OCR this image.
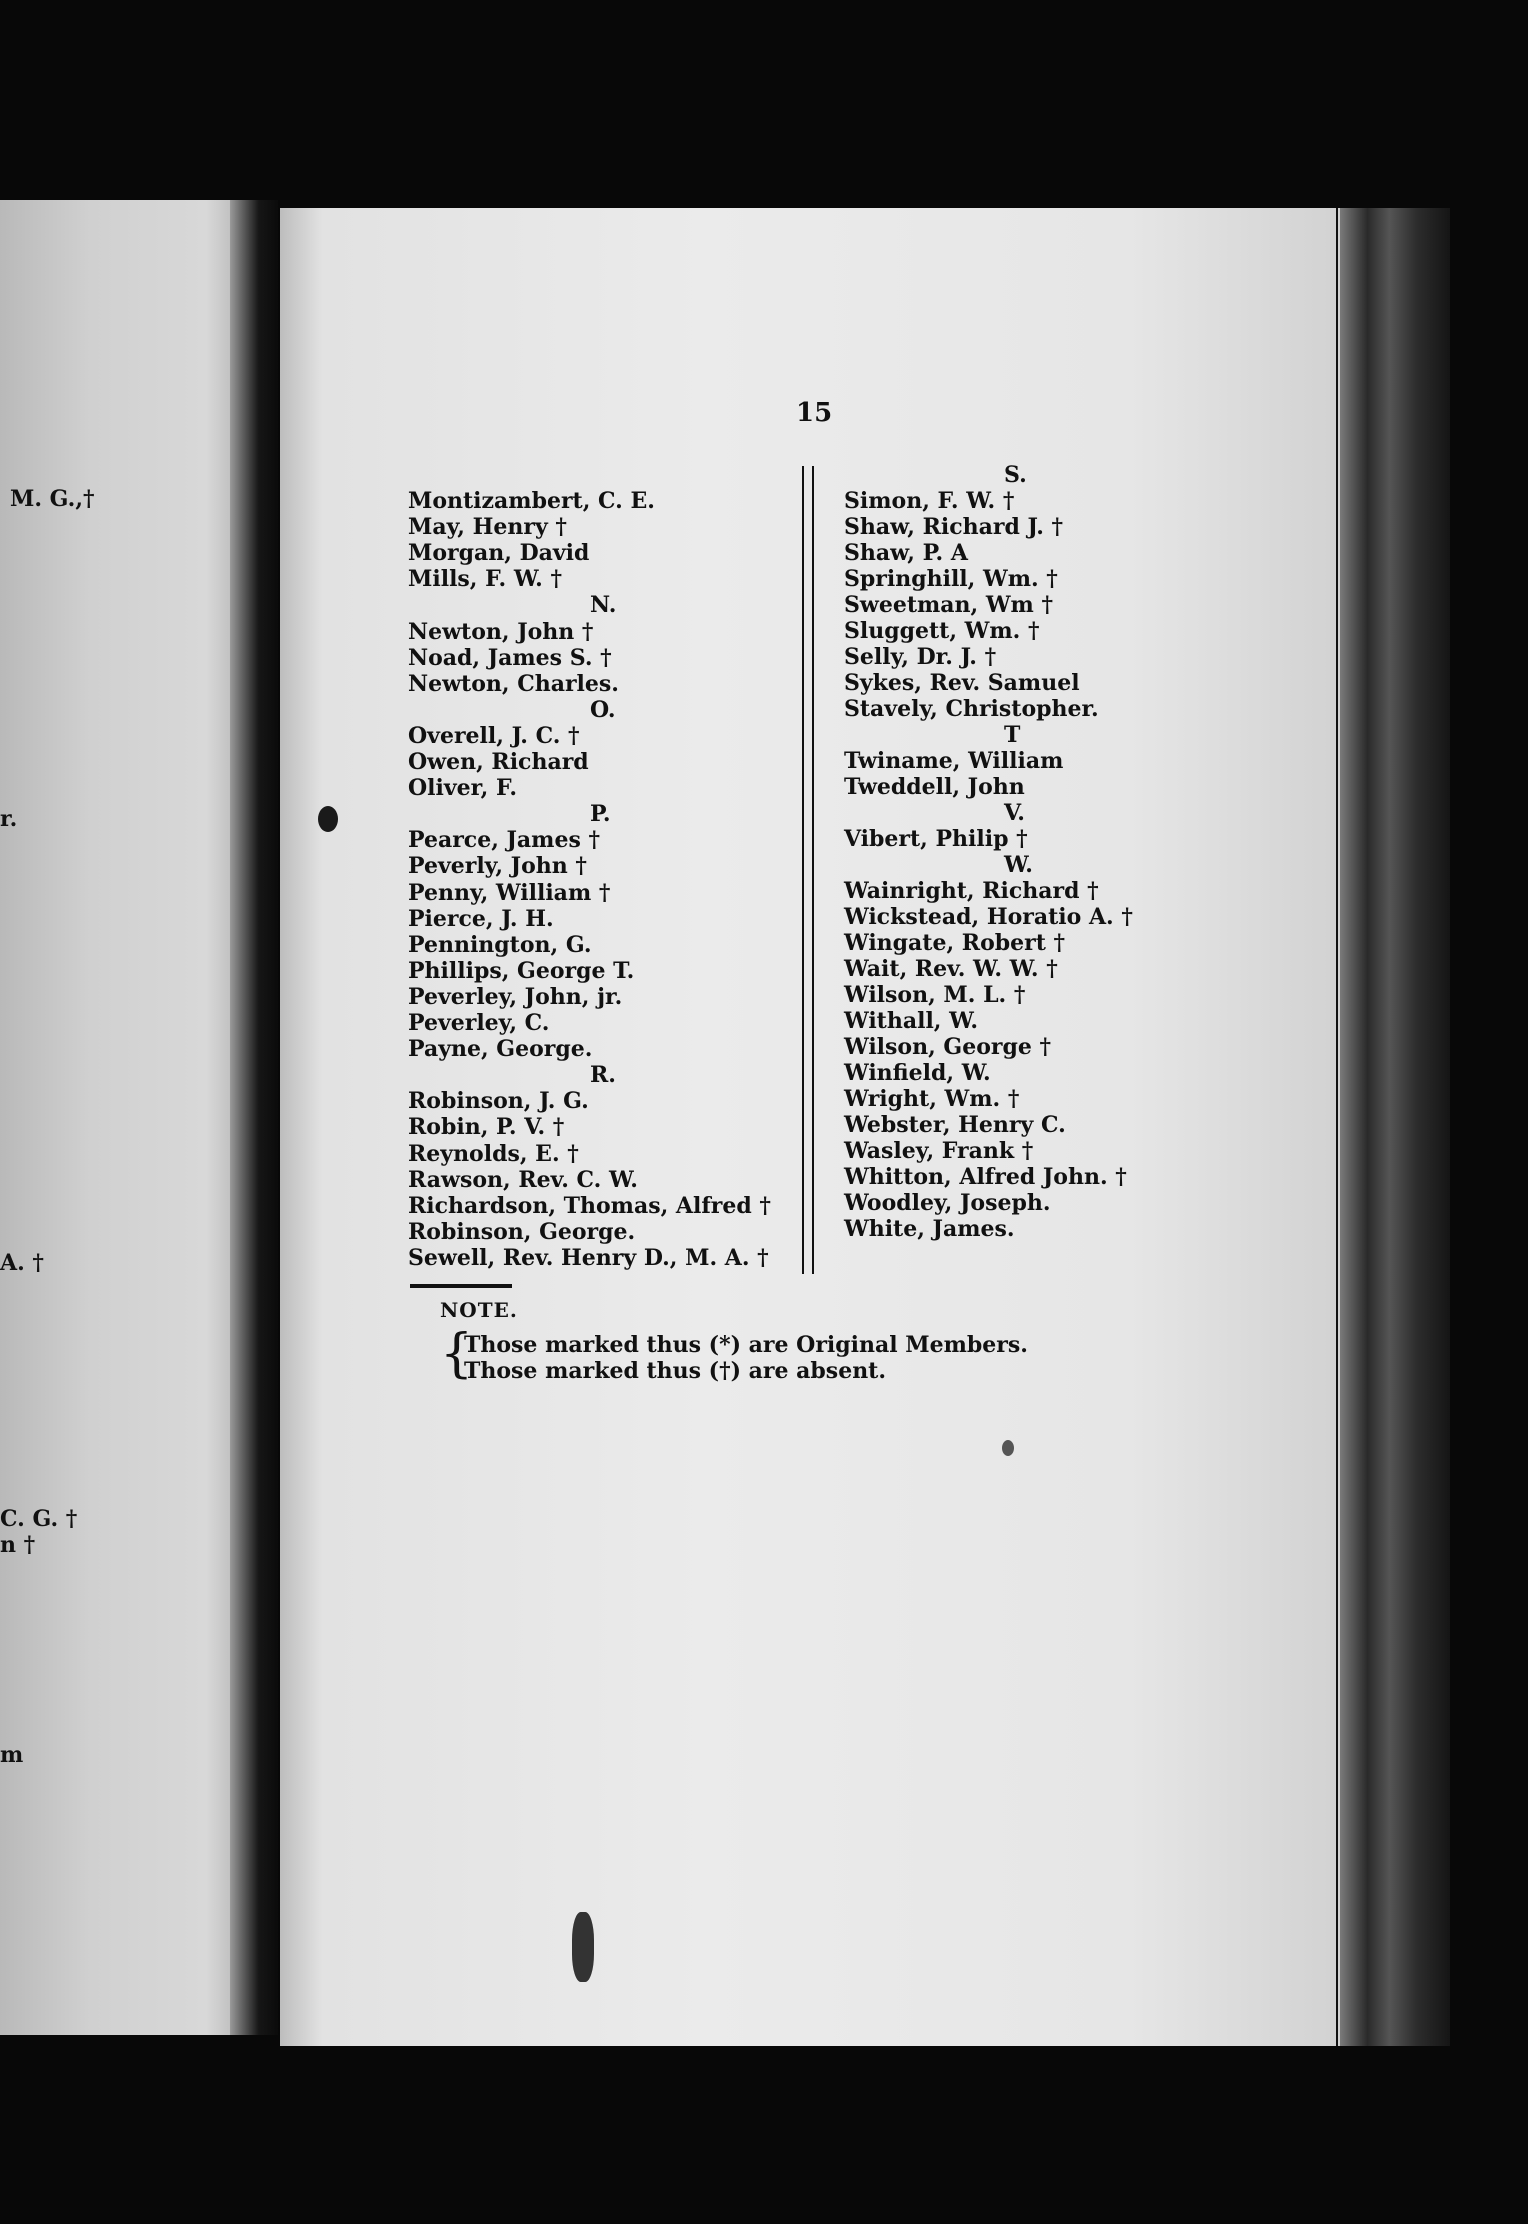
M. G.,†
r.
A. †
C. G. †
n †
m
15
Montizambert, C. E.
May, Henry †
Morgan, David
Mills, F. W. †
N.
Newton, John †
Noad, James S. †
Newton, Charles.
O.
Overell, J. C. †
Owen, Richard
Oliver, F.
P.
Pearce, James †
Peverly, John †
Penny, William †
Pierce, J. H.
Pennington, G.
Phillips, George T.
Peverley, John, jr.
Peverley, C.
Payne, George.
R.
Robinson, J. G.
Robin, P. V. †
Reynolds, E. †
Rawson, Rev. C. W.
Richardson, Thomas, Alfred †
Robinson, George.
Sewell, Rev. Henry D., M. A. †
S.
Simon, F. W. †
Shaw, Richard J. †
Shaw, P. A
Springhill, Wm. †
Sweetman, Wm †
Sluggett, Wm. †
Selly, Dr. J. †
Sykes, Rev. Samuel
Stavely, Christopher.
T
Twiname, William
Tweddell, John
V.
Vibert, Philip †
W.
Wainright, Richard †
Wickstead, Horatio A. †
Wingate, Robert †
Wait, Rev. W. W. †
Wilson, M. L. †
Withall, W.
Wilson, George †
Winfield, W.
Wright, Wm. †
Webster, Henry C.
Wasley, Frank †
Whitton, Alfred John. †
Woodley, Joseph.
White, James.
NOTE.
{
Those marked thus (*) are Original Members.
Those marked thus (†) are absent.
